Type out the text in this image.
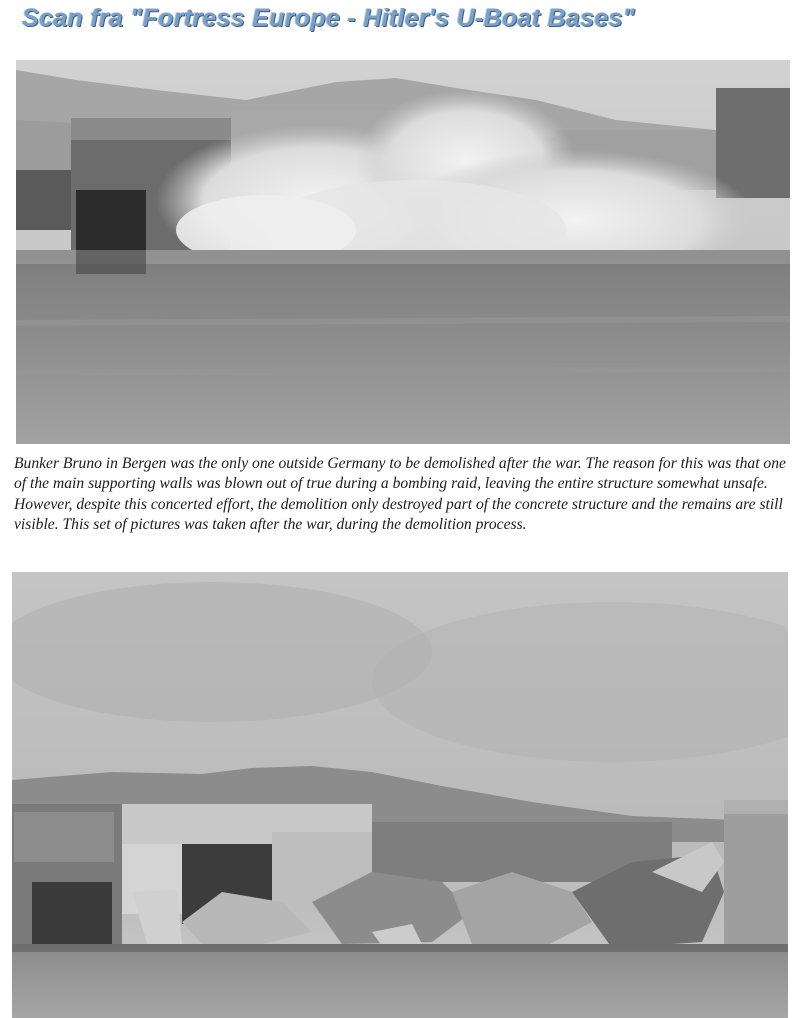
Scan fra "Fortress Europe - Hitler's U-Boat Bases"
Bunker Bruno in Bergen was the only one outside Germany to be demolished after the war. The reason for this was that one of the main supporting walls was blown out of true during a bombing raid, leaving the entire structure somewhat unsafe. However, despite this concerted effort, the demolition only destroyed part of the concrete structure and the remains are still visible. This set of pictures was taken after the war, during the demolition process.
